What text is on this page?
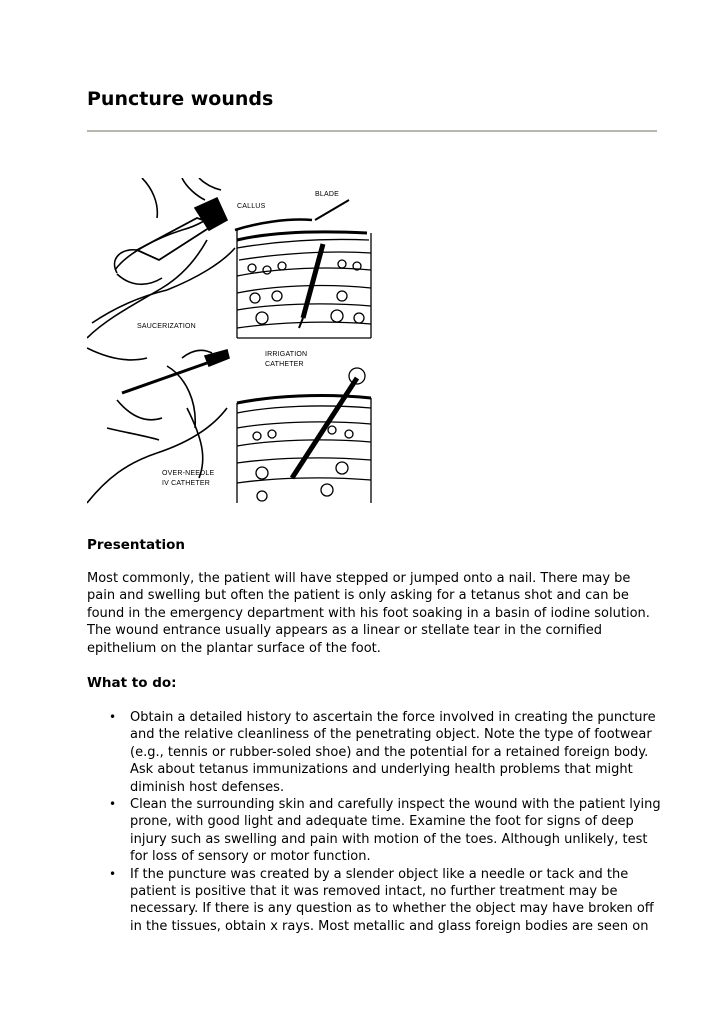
Puncture wounds
CALLUS
BLADE
SAUCERIZATION
IRRIGATION
CATHETER
OVER-NEEDLE
IV CATHETER
Presentation

Most commonly, the patient will have stepped or jumped onto a nail. There may be pain and swelling but often the patient is only asking for a tetanus shot and can be found in the emergency department with his foot soaking in a basin of iodine solution. The wound entrance usually appears as a linear or stellate tear in the cornified epithelium on the plantar surface of the foot.

What to do:
• Obtain a detailed history to ascertain the force involved in creating the puncture and the relative cleanliness of the penetrating object. Note the type of footwear (e.g., tennis or rubber-soled shoe) and the potential for a retained foreign body. Ask about tetanus immunizations and underlying health problems that might diminish host defenses.
• Clean the surrounding skin and carefully inspect the wound with the patient lying prone, with good light and adequate time. Examine the foot for signs of deep injury such as swelling and pain with motion of the toes. Although unlikely, test for loss of sensory or motor function.
• If the puncture was created by a slender object like a needle or tack and the patient is positive that it was removed intact, no further treatment may be necessary. If there is any question as to whether the object may have broken off in the tissues, obtain x rays. Most metallic and glass foreign bodies are seen on
